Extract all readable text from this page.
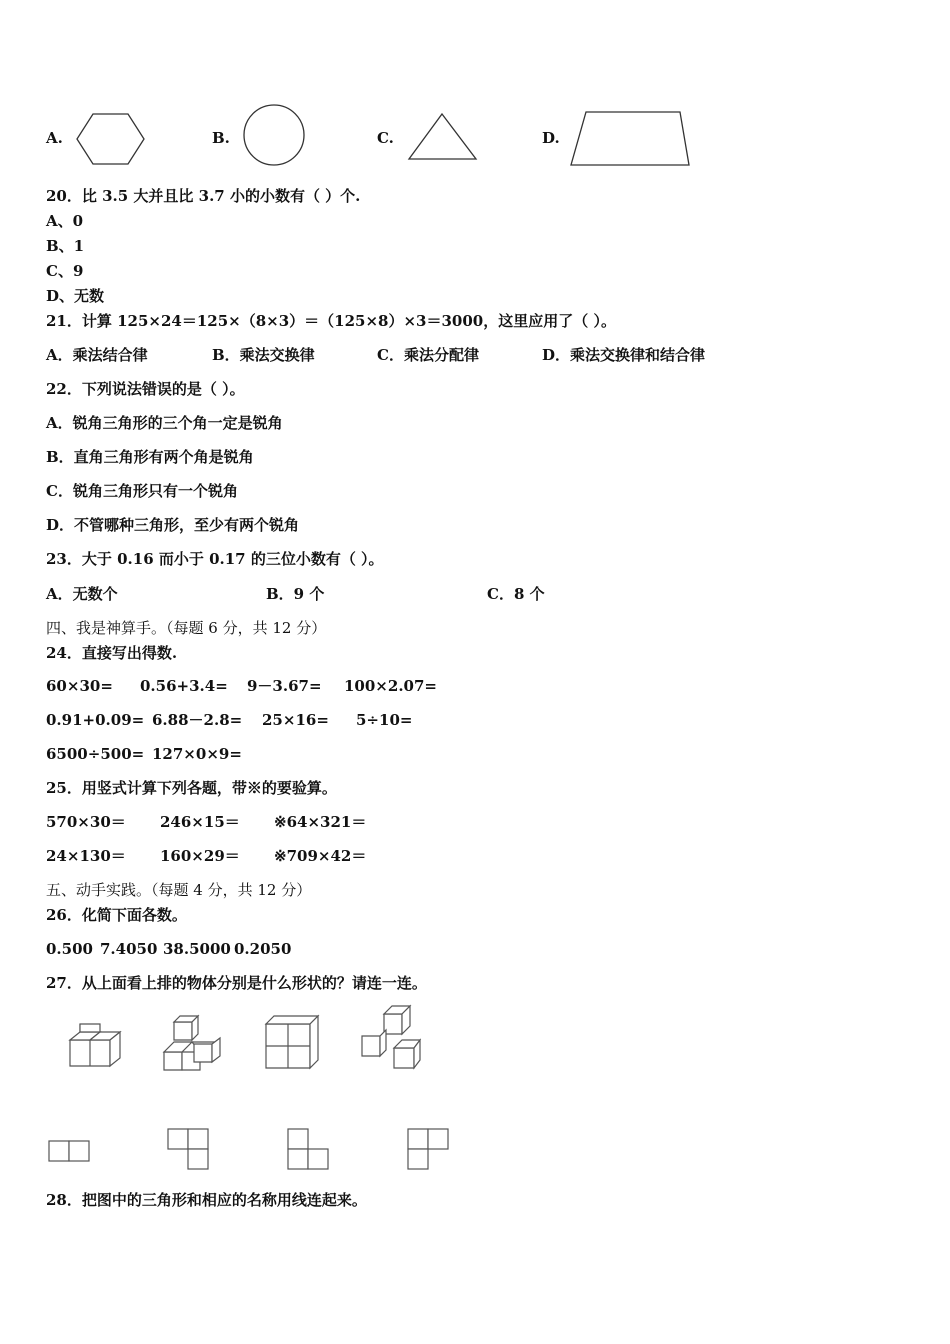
A.	B.	C.	D.
20．比 3.5 大并且比 3.7 小的小数有（ ）个.
A、0
B、1
C、9
D、无数
21．计算 125×24＝125×（8×3）＝（125×8）×3＝3000，这里应用了（ ）。
A．乘法结合律	B．乘法交换律	C．乘法分配律	D．乘法交换律和结合律
22．下列说法错误的是（ ）。
A．锐角三角形的三个角一定是锐角
B．直角三角形有两个角是锐角
C．锐角三角形只有一个锐角
D．不管哪种三角形，至少有两个锐角
23．大于 0.16 而小于 0.17 的三位小数有（ ）。
A．无数个	B．9 个	C．8 个
四、我是神算手。（每题 6 分，共 12 分）
24．直接写出得数.
60×30= 0.56+3.4= 9－3.67= 100×2.07=
0.91+0.09= 6.88－2.8= 25×16= 5÷10=
6500÷500= 127×0×9=
25．用竖式计算下列各题，带※的要验算。
570×30＝ 246×15＝ ※64×321＝
24×130＝ 160×29＝ ※709×42＝
五、动手实践。（每题 4 分，共 12 分）
26．化简下面各数。
0.500 7.4050 38.5000 0.2050
27．从上面看上排的物体分别是什么形状的？请连一连。
28．把图中的三角形和相应的名称用线连起来。
